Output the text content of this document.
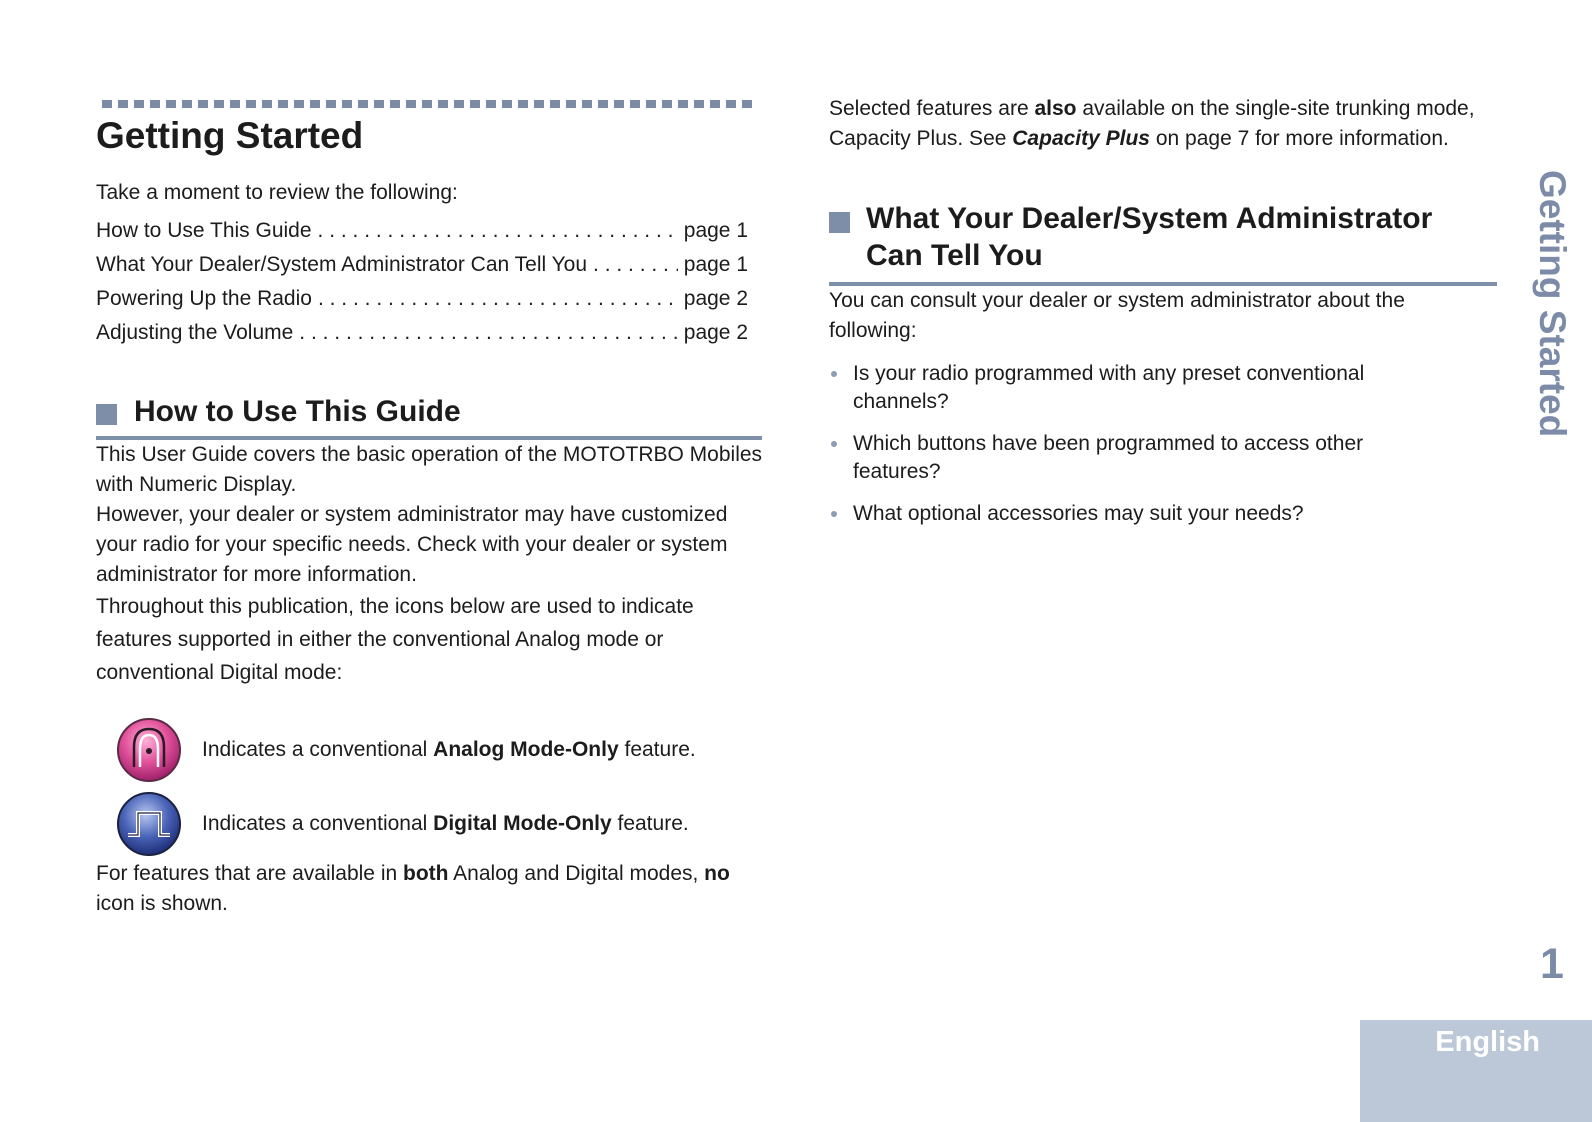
Getting Started
Take a moment to review the following:
How to Use This Guide . . .	page 1
What Your Dealer/System Administrator Can Tell You . . .	page 1
Powering Up the Radio . . .	page 2
Adjusting the Volume . . .	page 2
How to Use This Guide

This User Guide covers the basic operation of the MOTOTRBO Mobiles with Numeric Display.

However, your dealer or system administrator may have customized your radio for your specific needs. Check with your dealer or system administrator for more information.

Throughout this publication, the icons below are used to indicate features supported in either the conventional Analog mode or conventional Digital mode:

Indicates a conventional Analog Mode-Only feature.
Indicates a conventional Digital Mode-Only feature.

For features that are available in both Analog and Digital modes, no icon is shown.

Selected features are also available on the single-site trunking mode, Capacity Plus. See Capacity Plus on page 7 for more information.

What Your Dealer/System Administrator
Can Tell You

You can consult your dealer or system administrator about the following:

Is your radio programmed with any preset conventional channels?
Which buttons have been programmed to access other features?
What optional accessories may suit your needs?
Getting Started
1
English
